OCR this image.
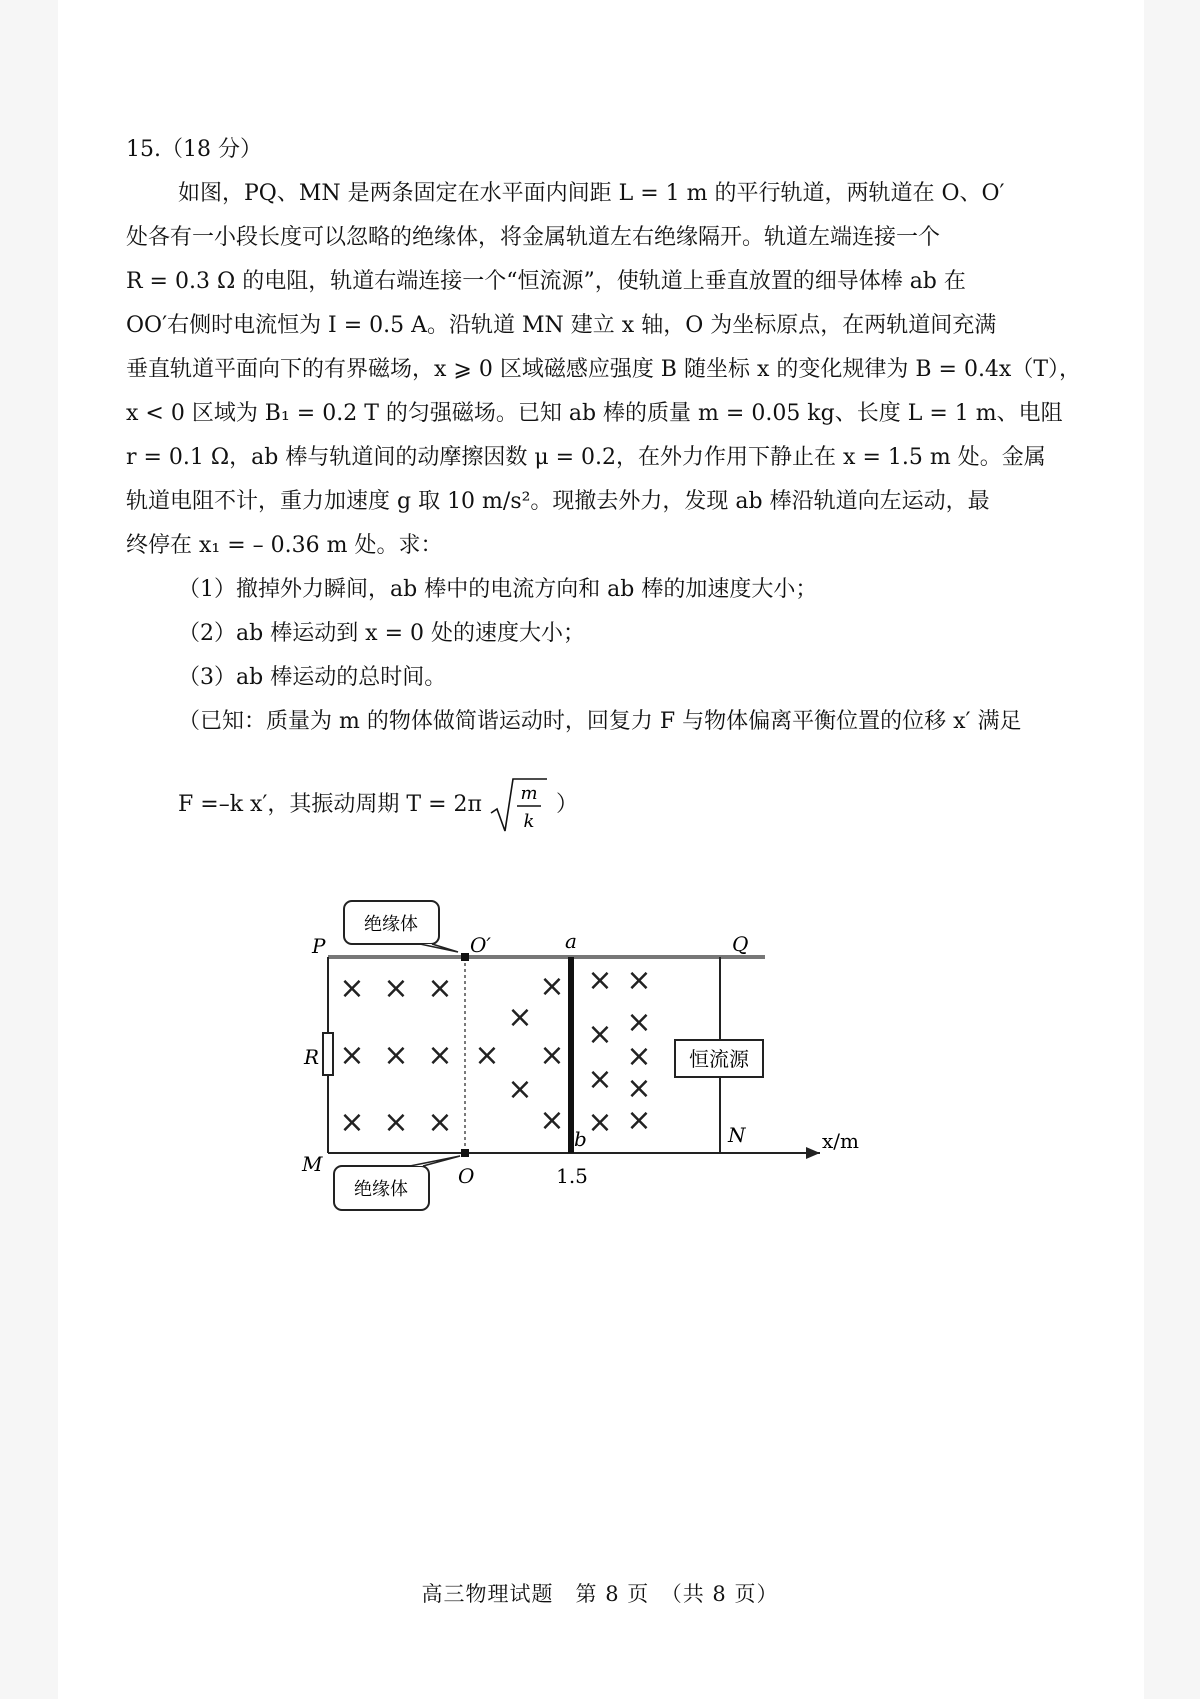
15.（18 分）
如图，PQ、MN 是两条固定在水平面内间距 L = 1 m 的平行轨道，两轨道在 O、O′
处各有一小段长度可以忽略的绝缘体，将金属轨道左右绝缘隔开。轨道左端连接一个
R = 0.3 Ω 的电阻，轨道右端连接一个“恒流源”，使轨道上垂直放置的细导体棒 ab 在
OO′右侧时电流恒为 I = 0.5 A。沿轨道 MN 建立 x 轴，O 为坐标原点，在两轨道间充满
垂直轨道平面向下的有界磁场，x ⩾ 0 区域磁感应强度 B 随坐标 x 的变化规律为 B = 0.4x（T），
x < 0 区域为 B₁ = 0.2 T 的匀强磁场。已知 ab 棒的质量 m = 0.05 kg、长度 L = 1 m、电阻
r = 0.1 Ω，ab 棒与轨道间的动摩擦因数 μ = 0.2，在外力作用下静止在 x = 1.5 m 处。金属
轨道电阻不计，重力加速度 g 取 10 m/s²。现撤去外力，发现 ab 棒沿轨道向左运动，最
终停在 x₁ = – 0.36 m 处。求：
（1）撤掉外力瞬间，ab 棒中的电流方向和 ab 棒的加速度大小；
（2）ab 棒运动到 x = 0 处的速度大小；
（3）ab 棒运动的总时间。
（已知：质量为 m 的物体做简谐运动时，回复力 F 与物体偏离平衡位置的位移 x′ 满足
F =–k x′，其振动周期 T = 2π m
k
）
恒流源
绝缘体
绝缘体
P	Q
M
N
O
O′	a
b
R
x/m
1.5
× × ×
× × ×
× × ×
×
×
×
×
×
×
×
×
×
×
×
×
×
×
×
高三物理试题　第 8 页　（共 8 页）
